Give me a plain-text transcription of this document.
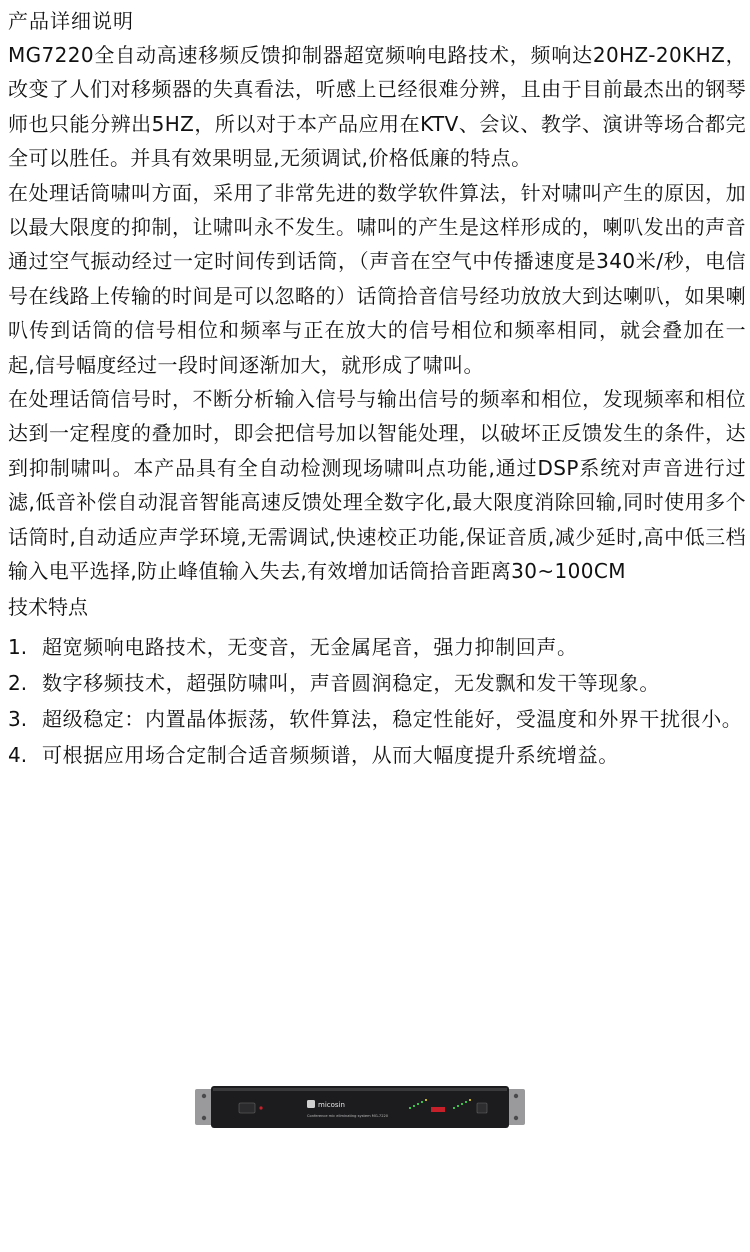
产品详细说明

MG7220全自动高速移频反馈抑制器超宽频响电路技术，频响达20HZ-20KHZ，改变了人们对移频器的失真看法，听感上已经很难分辨，且由于目前最杰出的钢琴师也只能分辨出5HZ，所以对于本产品应用在KTV、会议、教学、演讲等场合都完全可以胜任。并具有效果明显,无须调试,价格低廉的特点。

在处理话筒啸叫方面，采用了非常先进的数学软件算法，针对啸叫产生的原因，加以最大限度的抑制，让啸叫永不发生。啸叫的产生是这样形成的，喇叭发出的声音通过空气振动经过一定时间传到话筒，（声音在空气中传播速度是340米/秒，电信号在线路上传输的时间是可以忽略的）话筒拾音信号经功放放大到达喇叭，如果喇叭传到话筒的信号相位和频率与正在放大的信号相位和频率相同，就会叠加在一起,信号幅度经过一段时间逐渐加大，就形成了啸叫。

在处理话筒信号时，不断分析输入信号与输出信号的频率和相位，发现频率和相位达到一定程度的叠加时，即会把信号加以智能处理，以破坏正反馈发生的条件，达到抑制啸叫。本产品具有全自动检测现场啸叫点功能,通过DSP系统对声音进行过滤,低音补偿自动混音智能高速反馈处理全数字化,最大限度消除回输,同时使用多个话筒时,自动适应声学环境,无需调试,快速校正功能,保证音质,减少延时,高中低三档输入电平选择,防止峰值输入失去,有效增加话筒拾音距离30~100CM

技术特点
1. 超宽频响电路技术，无变音，无金属尾音，强力抑制回声。
2. 数字移频技术，超强防啸叫，声音圆润稳定，无发飘和发干等现象。
3. 超级稳定：内置晶体振荡，软件算法，稳定性能好，受温度和外界干扰很小。
4. 可根据应用场合定制合适音频频谱，从而大幅度提升系统增益。
micosin
Conference mic eliminating system MG-7220
